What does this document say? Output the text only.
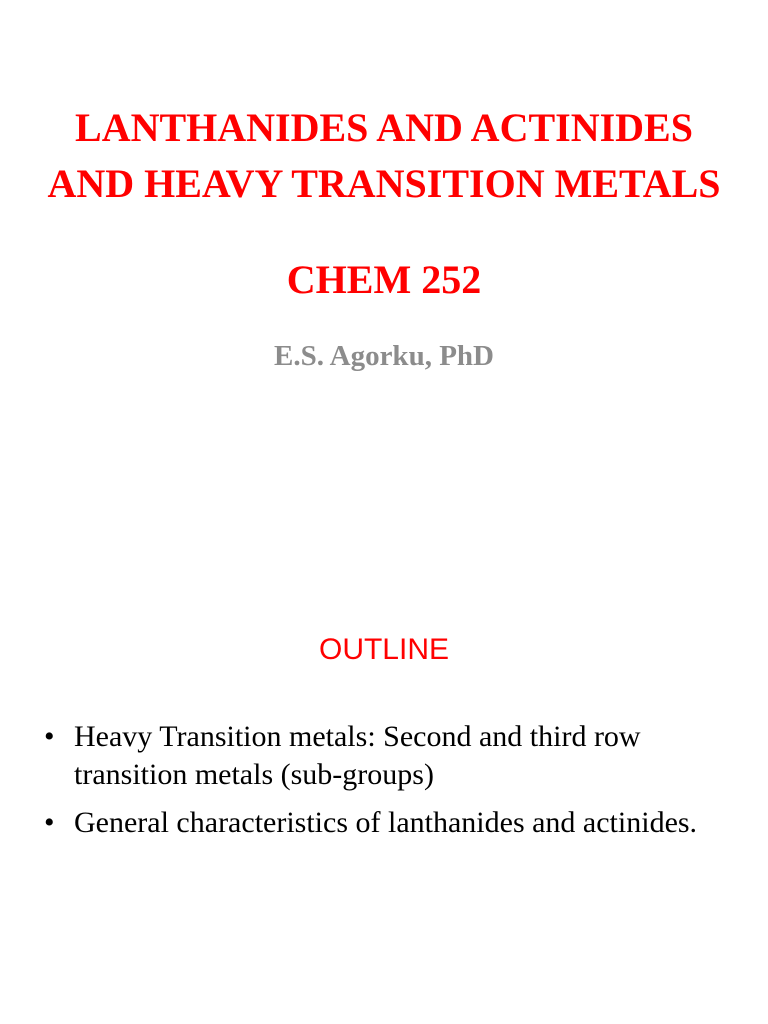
LANTHANIDES AND ACTINIDES
AND HEAVY TRANSITION METALS
CHEM 252
E.S. Agorku, PhD
OUTLINE
• Heavy Transition metals: Second and third row transition metals (sub-groups)
• General characteristics of lanthanides and actinides.
